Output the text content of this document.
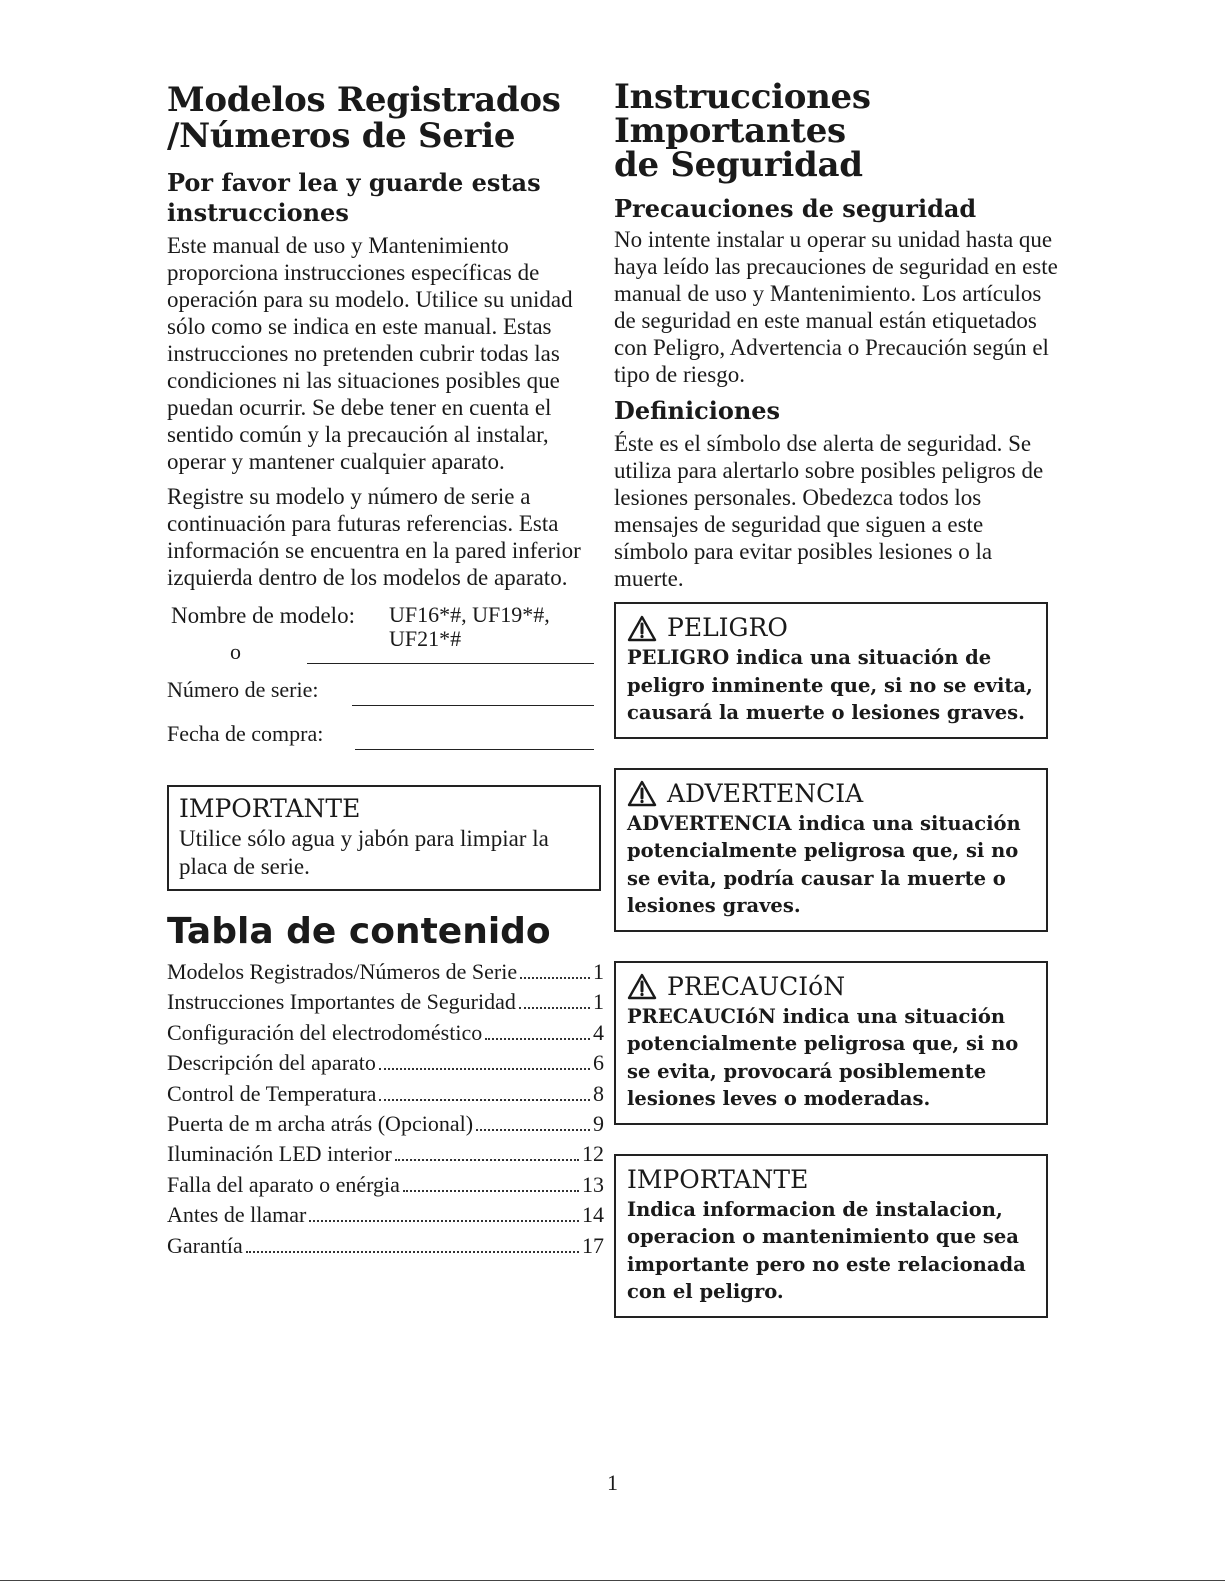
Modelos Registrados
/Números de Serie
Por favor lea y guarde estas
instrucciones

Este manual de uso y Mantenimiento proporciona instrucciones específicas de operación para su modelo. Utilice su unidad sólo como se indica en este manual. Estas instrucciones no pretenden cubrir todas las condiciones ni las situaciones posibles que puedan ocurrir. Se debe tener en cuenta el sentido común y la precaución al instalar, operar y mantener cualquier aparato.

Registre su modelo y número de serie a continuación para futuras referencias. Esta información se encuentra en la pared inferior izquierda dentro de los modelos de aparato.

Nombre de modelo: UF16*#, UF19*#,
UF21*#
o
Número de serie:
Fecha de compra:
IMPORTANTE

Utilice sólo agua y jabón para limpiar la placa de serie.

Tabla de contenido
Modelos Registrados/Números de Serie	1
Instrucciones Importantes de Seguridad	1
Configuración del electrodoméstico	4
Descripción del aparato	6
Control de Temperatura	8
Puerta de m archa atrás (Opcional)	9
Iluminación LED interior	12
Falla del aparato o enérgia	13
Antes de llamar	14
Garantía	17
Instrucciones Importantes
de Seguridad
Precauciones de seguridad

No intente instalar u operar su unidad hasta que haya leído las precauciones de seguridad en este manual de uso y Mantenimiento. Los artículos de seguridad en este manual están etiquetados con Peligro, Advertencia o Precaución según el tipo de riesgo.

Definiciones

Éste es el símbolo dse alerta de seguridad. Se utiliza para alertarlo sobre posibles peligros de lesiones personales. Obedezca todos los mensajes de seguridad que siguen a este símbolo para evitar posibles lesiones o la muerte.

PELIGRO
PELIGRO indica una situación de peligro inminente que, si no se evita, causará la muerte o lesiones graves.
ADVERTENCIA
ADVERTENCIA indica una situación potencialmente peligrosa que, si no se evita, podría causar la muerte o lesiones graves.
PRECAUCIóN
PRECAUCIóN indica una situación potencialmente peligrosa que, si no se evita, provocará posiblemente lesiones leves o moderadas.
IMPORTANTE
Indica informacion de instalacion, operacion o mantenimiento que sea importante pero no este relacionada con el peligro.
1
